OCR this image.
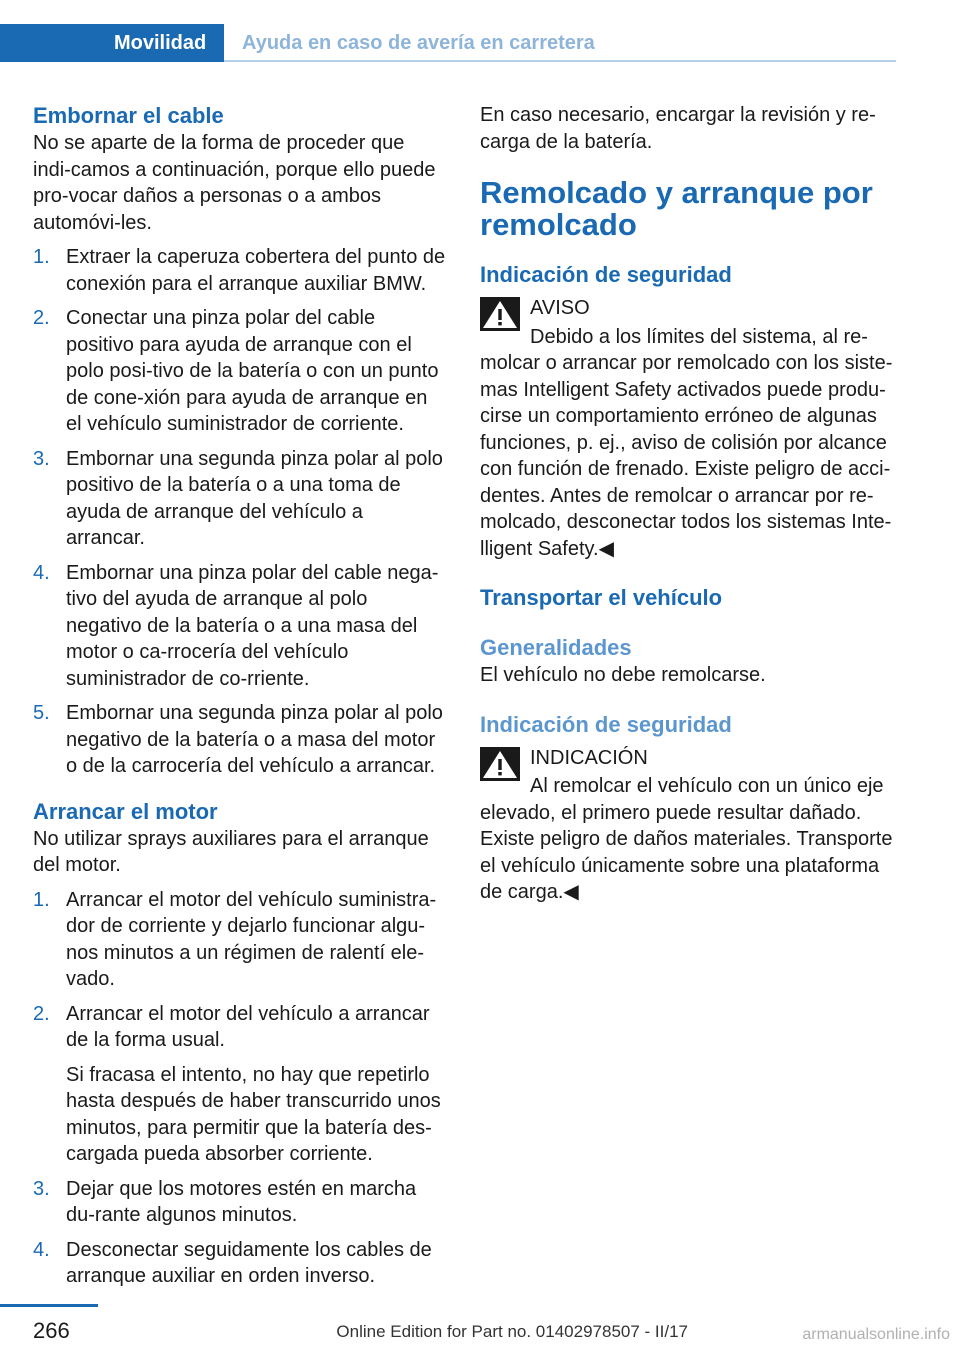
Movilidad Ayuda en caso de avería en carretera
Embornar el cable

No se aparte de la forma de proceder que indi‐camos a continuación, porque ello puede pro‐vocar daños a personas o a ambos automóvi‐les.

1. Extraer la caperuza cobertera del punto de conexión para el arranque auxiliar BMW.
2. Conectar una pinza polar del cable positivo para ayuda de arranque con el polo posi‐tivo de la batería o con un punto de cone‐xión para ayuda de arranque en el vehículo suministrador de corriente.
3. Embornar una segunda pinza polar al polo positivo de la batería o a una toma de ayuda de arranque del vehículo a arrancar.
4. Embornar una pinza polar del cable nega‐tivo del ayuda de arranque al polo negativo de la batería o a una masa del motor o ca‐rrocería del vehículo suministrador de co‐rriente.
5. Embornar una segunda pinza polar al polo negativo de la batería o a masa del motor o de la carrocería del vehículo a arrancar.
Arrancar el motor

No utilizar sprays auxiliares para el arranque del motor.

1. Arrancar el motor del vehículo suministra‐dor de corriente y dejarlo funcionar algu‐nos minutos a un régimen de ralentí ele‐vado.
2. Arrancar el motor del vehículo a arrancar de la forma usual.
Si fracasa el intento, no hay que repetirlo hasta después de haber transcurrido unos minutos, para permitir que la batería des‐cargada pueda absorber corriente.
3. Dejar que los motores estén en marcha du‐rante algunos minutos.
4. Desconectar seguidamente los cables de arranque auxiliar en orden inverso.

En caso necesario, encargar la revisión y re‐carga de la batería.

Remolcado y arranque por remolcado
Indicación de seguridad
AVISO
Debido a los límites del sistema, al re‐
molcar o arrancar por remolcado con los siste‐mas Intelligent Safety activados puede produ‐cirse un comportamiento erróneo de algunas funciones, p. ej., aviso de colisión por alcance con función de frenado. Existe peligro de acci‐dentes. Antes de remolcar o arrancar por re‐molcado, desconectar todos los sistemas Inte‐lligent Safety.◀
Transportar el vehículo
Generalidades

El vehículo no debe remolcarse.

Indicación de seguridad
INDICACIÓN
Al remolcar el vehículo con un único eje
elevado, el primero puede resultar dañado. Existe peligro de daños materiales. Transporte el vehículo únicamente sobre una plataforma de carga.◀
266	Online Edition for Part no. 01402978507 - II/17	armanualsonline.info
